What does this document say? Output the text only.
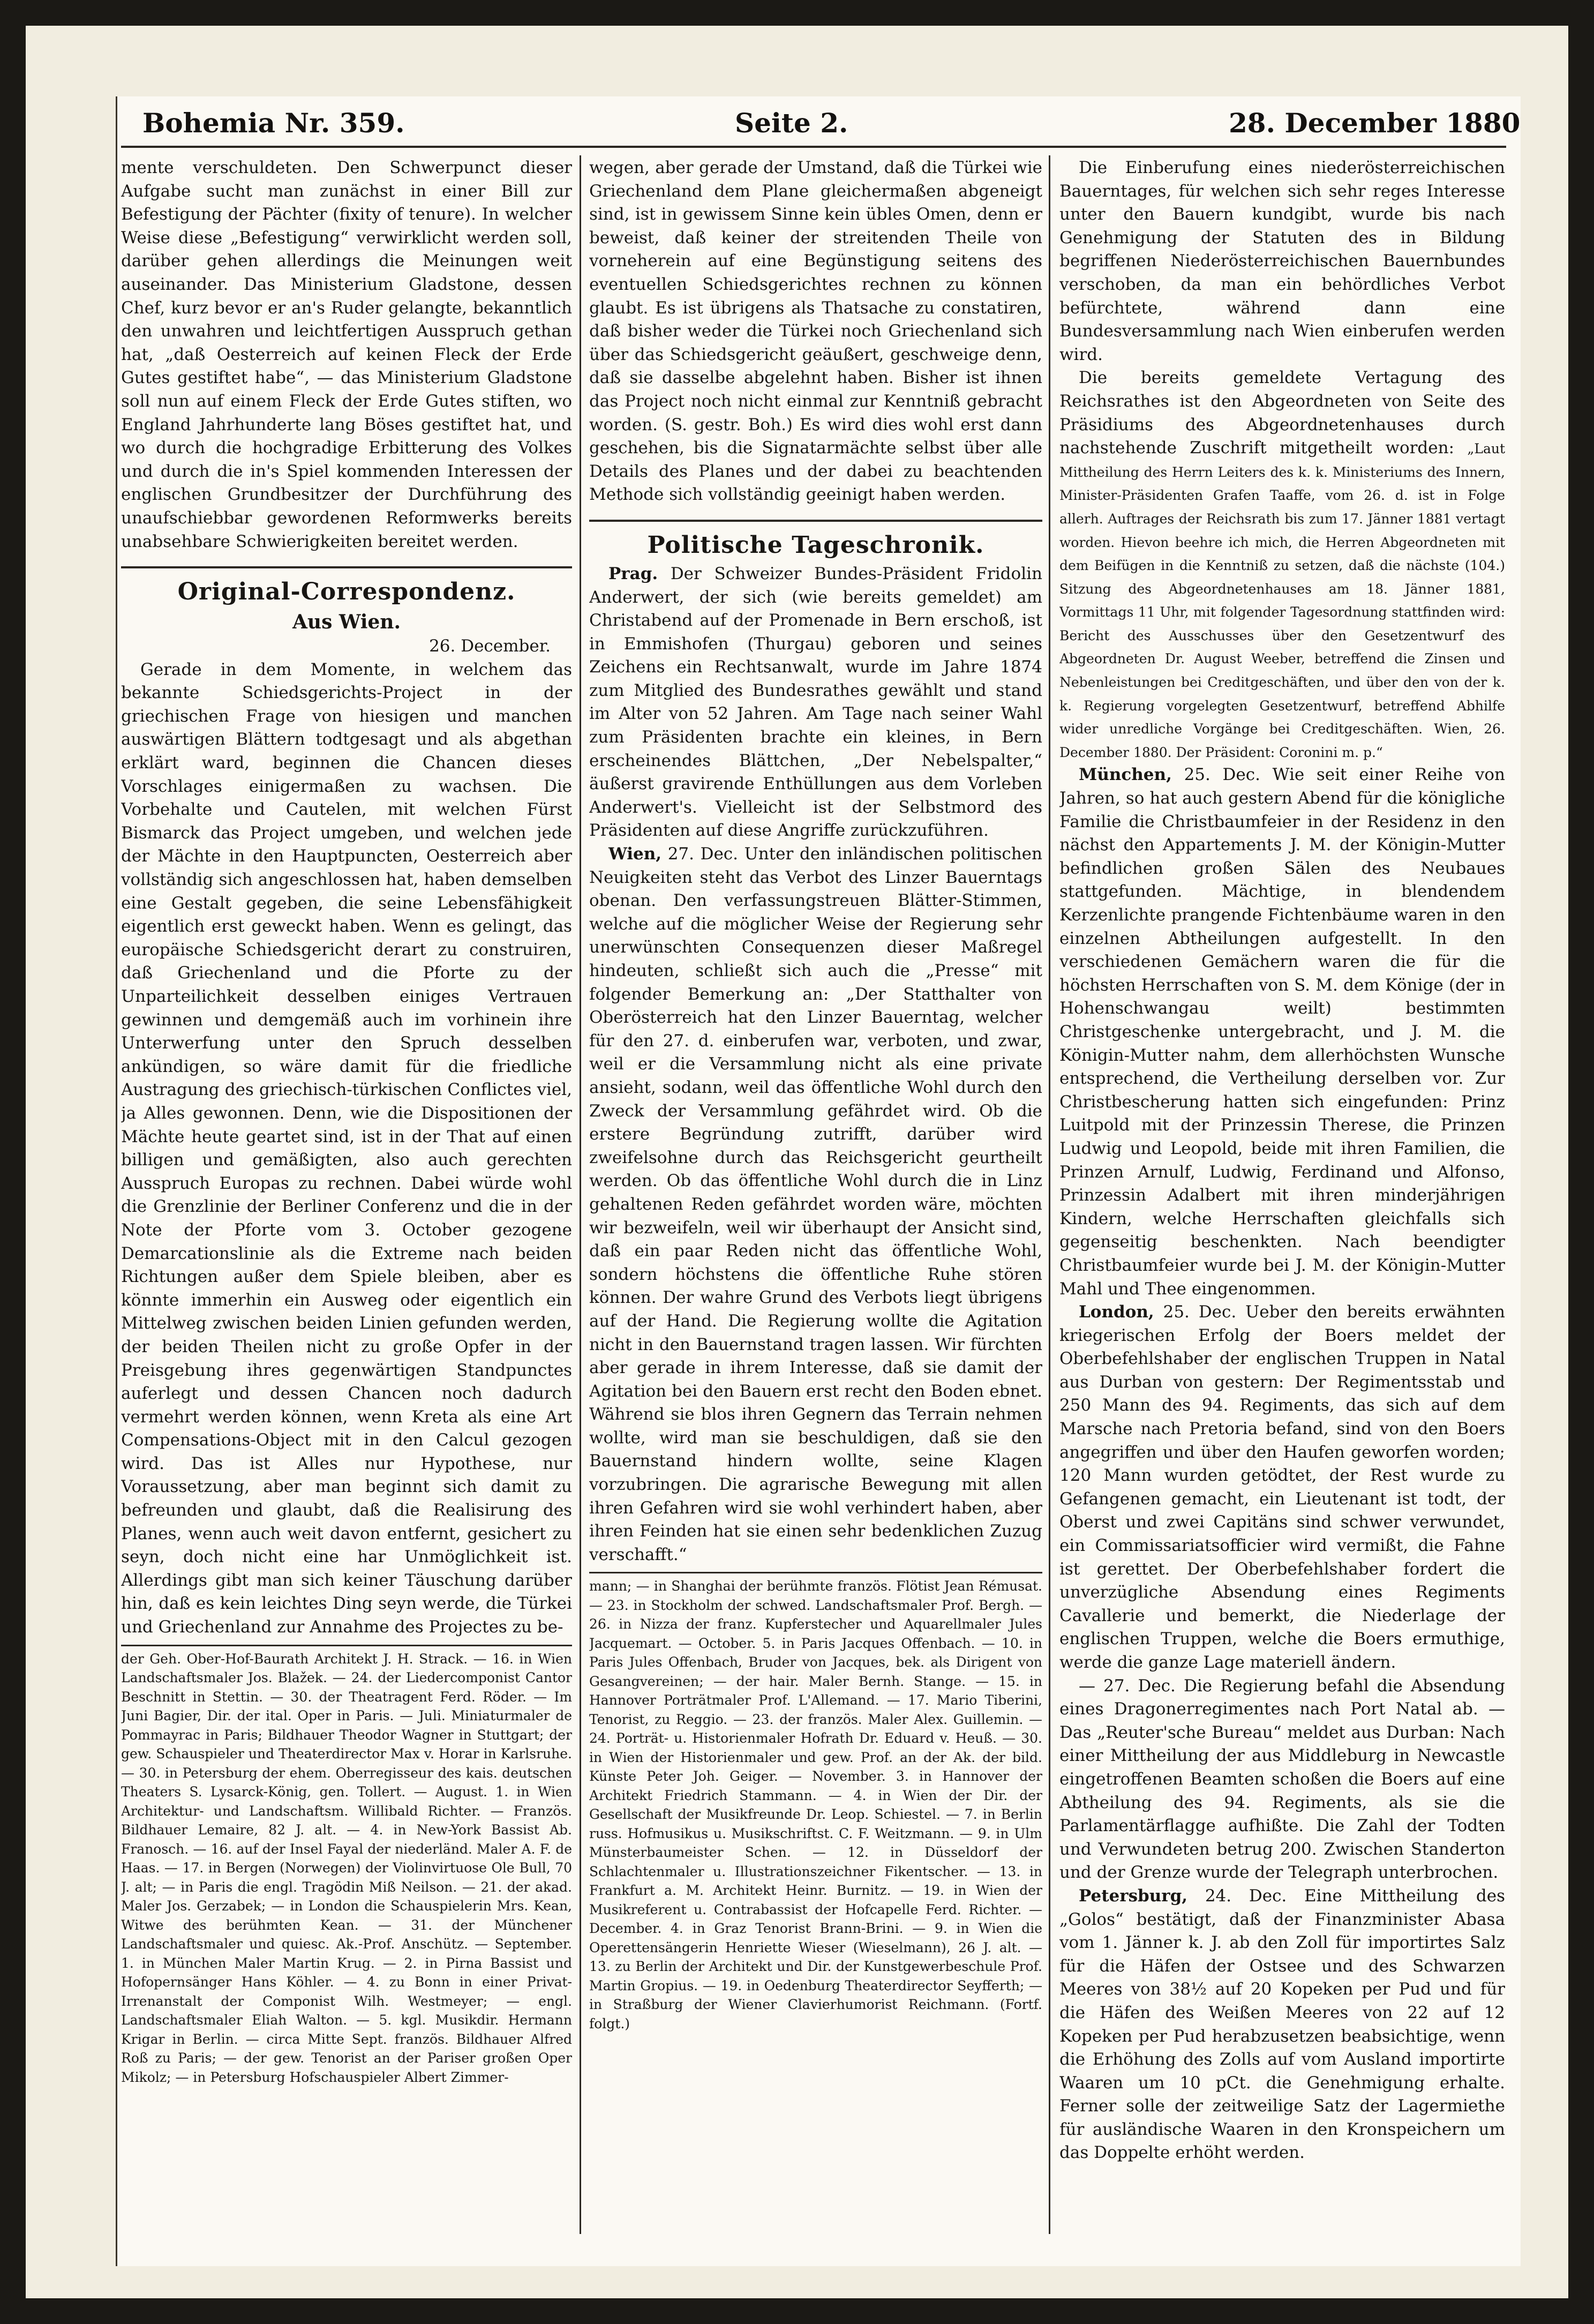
Bohemia Nr. 359.	Seite 2.	28. December 1880

mente verschuldeten. Den Schwerpunct dieser Aufgabe sucht man zunächst in einer Bill zur Befestigung der Pächter (fixity of tenure). In welcher Weise diese „Befestigung“ verwirklicht werden soll, darüber gehen allerdings die Meinungen weit auseinander. Das Ministerium Gladstone, dessen Chef, kurz bevor er an's Ruder gelangte, bekanntlich den unwahren und leichtfertigen Ausspruch gethan hat, „daß Oesterreich auf keinen Fleck der Erde Gutes gestiftet habe“, — das Ministerium Gladstone soll nun auf einem Fleck der Erde Gutes stiften, wo England Jahrhunderte lang Böses gestiftet hat, und wo durch die hochgradige Erbitterung des Volkes und durch die in's Spiel kommenden Interessen der englischen Grundbesitzer der Durchführung des unaufschiebbar gewordenen Reformwerks bereits unabsehbare Schwierigkeiten bereitet werden.

Original-Correspondenz.
Aus Wien.
26. December.

Gerade in dem Momente, in welchem das bekannte Schiedsgerichts-Project in der griechischen Frage von hiesigen und manchen auswärtigen Blättern todtgesagt und als abgethan erklärt ward, beginnen die Chancen dieses Vorschlages einigermaßen zu wachsen. Die Vorbehalte und Cautelen, mit welchen Fürst Bismarck das Project umgeben, und welchen jede der Mächte in den Hauptpuncten, Oesterreich aber vollständig sich angeschlossen hat, haben demselben eine Gestalt gegeben, die seine Lebensfähigkeit eigentlich erst geweckt haben. Wenn es gelingt, das europäische Schiedsgericht derart zu construiren, daß Griechenland und die Pforte zu der Unparteilichkeit desselben einiges Vertrauen gewinnen und demgemäß auch im vorhinein ihre Unterwerfung unter den Spruch desselben ankündigen, so wäre damit für die friedliche Austragung des griechisch-türkischen Conflictes viel, ja Alles gewonnen. Denn, wie die Dispositionen der Mächte heute geartet sind, ist in der That auf einen billigen und gemäßigten, also auch gerechten Ausspruch Europas zu rechnen. Dabei würde wohl die Grenzlinie der Berliner Conferenz und die in der Note der Pforte vom 3. October gezogene Demarcationslinie als die Extreme nach beiden Richtungen außer dem Spiele bleiben, aber es könnte immerhin ein Ausweg oder eigentlich ein Mittelweg zwischen beiden Linien gefunden werden, der beiden Theilen nicht zu große Opfer in der Preisgebung ihres gegenwärtigen Standpunctes auferlegt und dessen Chancen noch dadurch vermehrt werden können, wenn Kreta als eine Art Compensations-Object mit in den Calcul gezogen wird. Das ist Alles nur Hypothese, nur Voraussetzung, aber man beginnt sich damit zu befreunden und glaubt, daß die Realisirung des Planes, wenn auch weit davon entfernt, gesichert zu seyn, doch nicht eine har Unmöglichkeit ist. Allerdings gibt man sich keiner Täuschung darüber hin, daß es kein leichtes Ding seyn werde, die Türkei und Griechenland zur Annahme des Projectes zu be-

der Geh. Ober-Hof-Baurath Architekt J. H. Strack. — 16. in Wien Landschaftsmaler Jos. Blažek. — 24. der Liedercomponist Cantor Beschnitt in Stettin. — 30. der Theatragent Ferd. Röder. — Im Juni Bagier, Dir. der ital. Oper in Paris. — Juli. Miniaturmaler de Pommayrac in Paris; Bildhauer Theodor Wagner in Stuttgart; der gew. Schauspieler und Theaterdirector Max v. Horar in Karlsruhe. — 30. in Petersburg der ehem. Oberregisseur des kais. deutschen Theaters S. Lysarck-König, gen. Tollert. — August. 1. in Wien Architektur- und Landschaftsm. Willibald Richter. — Französ. Bildhauer Lemaire, 82 J. alt. — 4. in New-York Bassist Ab. Franosch. — 16. auf der Insel Fayal der niederländ. Maler A. F. de Haas. — 17. in Bergen (Norwegen) der Violinvirtuose Ole Bull, 70 J. alt; — in Paris die engl. Tragödin Miß Neilson. — 21. der akad. Maler Jos. Gerzabek; — in London die Schauspielerin Mrs. Kean, Witwe des berühmten Kean. — 31. der Münchener Landschaftsmaler und quiesc. Ak.-Prof. Anschütz. — September. 1. in München Maler Martin Krug. — 2. in Pirna Bassist und Hofopernsänger Hans Köhler. — 4. zu Bonn in einer Privat-Irrenanstalt der Componist Wilh. Westmeyer; — engl. Landschaftsmaler Eliah Walton. — 5. kgl. Musikdir. Hermann Krigar in Berlin. — circa Mitte Sept. französ. Bildhauer Alfred Roß zu Paris; — der gew. Tenorist an der Pariser großen Oper Mikolz; — in Petersburg Hofschauspieler Albert Zimmer-

wegen, aber gerade der Umstand, daß die Türkei wie Griechenland dem Plane gleichermaßen abgeneigt sind, ist in gewissem Sinne kein übles Omen, denn er beweist, daß keiner der streitenden Theile von vorneherein auf eine Begünstigung seitens des eventuellen Schiedsgerichtes rechnen zu können glaubt. Es ist übrigens als Thatsache zu constatiren, daß bisher weder die Türkei noch Griechenland sich über das Schiedsgericht geäußert, geschweige denn, daß sie dasselbe abgelehnt haben. Bisher ist ihnen das Project noch nicht einmal zur Kenntniß gebracht worden. (S. gestr. Boh.) Es wird dies wohl erst dann geschehen, bis die Signatarmächte selbst über alle Details des Planes und der dabei zu beachtenden Methode sich vollständig geeinigt haben werden.

Politische Tageschronik.

Prag. Der Schweizer Bundes-Präsident Fridolin Anderwert, der sich (wie bereits gemeldet) am Christabend auf der Promenade in Bern erschoß, ist in Emmishofen (Thurgau) geboren und seines Zeichens ein Rechtsanwalt, wurde im Jahre 1874 zum Mitglied des Bundesrathes gewählt und stand im Alter von 52 Jahren. Am Tage nach seiner Wahl zum Präsidenten brachte ein kleines, in Bern erscheinendes Blättchen, „Der Nebelspalter,“ äußerst gravirende Enthüllungen aus dem Vorleben Anderwert's. Vielleicht ist der Selbstmord des Präsidenten auf diese Angriffe zurückzuführen.

Wien, 27. Dec. Unter den inländischen politischen Neuigkeiten steht das Verbot des Linzer Bauerntags obenan. Den verfassungstreuen Blätter-Stimmen, welche auf die möglicher Weise der Regierung sehr unerwünschten Consequenzen dieser Maßregel hindeuten, schließt sich auch die „Presse“ mit folgender Bemerkung an: „Der Statthalter von Oberösterreich hat den Linzer Bauerntag, welcher für den 27. d. einberufen war, verboten, und zwar, weil er die Versammlung nicht als eine private ansieht, sodann, weil das öffentliche Wohl durch den Zweck der Versammlung gefährdet wird. Ob die erstere Begründung zutrifft, darüber wird zweifelsohne durch das Reichsgericht geurtheilt werden. Ob das öffentliche Wohl durch die in Linz gehaltenen Reden gefährdet worden wäre, möchten wir bezweifeln, weil wir überhaupt der Ansicht sind, daß ein paar Reden nicht das öffentliche Wohl, sondern höchstens die öffentliche Ruhe stören können. Der wahre Grund des Verbots liegt übrigens auf der Hand. Die Regierung wollte die Agitation nicht in den Bauernstand tragen lassen. Wir fürchten aber gerade in ihrem Interesse, daß sie damit der Agitation bei den Bauern erst recht den Boden ebnet. Während sie blos ihren Gegnern das Terrain nehmen wollte, wird man sie beschuldigen, daß sie den Bauernstand hindern wollte, seine Klagen vorzubringen. Die agrarische Bewegung mit allen ihren Gefahren wird sie wohl verhindert haben, aber ihren Feinden hat sie einen sehr bedenklichen Zuzug verschafft.“

mann; — in Shanghai der berühmte französ. Flötist Jean Rémusat. — 23. in Stockholm der schwed. Landschaftsmaler Prof. Bergh. — 26. in Nizza der franz. Kupferstecher und Aquarellmaler Jules Jacquemart. — October. 5. in Paris Jacques Offenbach. — 10. in Paris Jules Offenbach, Bruder von Jacques, bek. als Dirigent von Gesangvereinen; — der hair. Maler Bernh. Stange. — 15. in Hannover Porträtmaler Prof. L'Allemand. — 17. Mario Tiberini, Tenorist, zu Reggio. — 23. der französ. Maler Alex. Guillemin. — 24. Porträt- u. Historienmaler Hofrath Dr. Eduard v. Heuß. — 30. in Wien der Historienmaler und gew. Prof. an der Ak. der bild. Künste Peter Joh. Geiger. — November. 3. in Hannover der Architekt Friedrich Stammann. — 4. in Wien der Dir. der Gesellschaft der Musikfreunde Dr. Leop. Schiestel. — 7. in Berlin russ. Hofmusikus u. Musikschriftst. C. F. Weitzmann. — 9. in Ulm Münsterbaumeister Schen. — 12. in Düsseldorf der Schlachtenmaler u. Illustrationszeichner Fikentscher. — 13. in Frankfurt a. M. Architekt Heinr. Burnitz. — 19. in Wien der Musikreferent u. Contrabassist der Hofcapelle Ferd. Richter. — December. 4. in Graz Tenorist Brann-Brini. — 9. in Wien die Operettensängerin Henriette Wieser (Wieselmann), 26 J. alt. — 13. zu Berlin der Architekt und Dir. der Kunstgewerbeschule Prof. Martin Gropius. — 19. in Oedenburg Theaterdirector Seyfferth; — in Straßburg der Wiener Clavierhumorist Reichmann. (Fortf. folgt.)

Die Einberufung eines niederösterreichischen Bauerntages, für welchen sich sehr reges Interesse unter den Bauern kundgibt, wurde bis nach Genehmigung der Statuten des in Bildung begriffenen Niederösterreichischen Bauernbundes verschoben, da man ein behördliches Verbot befürchtete, während dann eine Bundesversammlung nach Wien einberufen werden wird.

Die bereits gemeldete Vertagung des Reichsrathes ist den Abgeordneten von Seite des Präsidiums des Abgeordnetenhauses durch nachstehende Zuschrift mitgetheilt worden: „Laut Mittheilung des Herrn Leiters des k. k. Ministeriums des Innern, Minister-Präsidenten Grafen Taaffe, vom 26. d. ist in Folge allerh. Auftrages der Reichsrath bis zum 17. Jänner 1881 vertagt worden. Hievon beehre ich mich, die Herren Abgeordneten mit dem Beifügen in die Kenntniß zu setzen, daß die nächste (104.) Sitzung des Abgeordnetenhauses am 18. Jänner 1881, Vormittags 11 Uhr, mit folgender Tagesordnung stattfinden wird: Bericht des Ausschusses über den Gesetzentwurf des Abgeordneten Dr. August Weeber, betreffend die Zinsen und Nebenleistungen bei Creditgeschäften, und über den von der k. k. Regierung vorgelegten Gesetzentwurf, betreffend Abhilfe wider unredliche Vorgänge bei Creditgeschäften. Wien, 26. December 1880. Der Präsident: Coronini m. p.“

München, 25. Dec. Wie seit einer Reihe von Jahren, so hat auch gestern Abend für die königliche Familie die Christbaumfeier in der Residenz in den nächst den Appartements J. M. der Königin-Mutter befindlichen großen Sälen des Neubaues stattgefunden. Mächtige, in blendendem Kerzenlichte prangende Fichtenbäume waren in den einzelnen Abtheilungen aufgestellt. In den verschiedenen Gemächern waren die für die höchsten Herrschaften von S. M. dem Könige (der in Hohenschwangau weilt) bestimmten Christgeschenke untergebracht, und J. M. die Königin-Mutter nahm, dem allerhöchsten Wunsche entsprechend, die Vertheilung derselben vor. Zur Christbescherung hatten sich eingefunden: Prinz Luitpold mit der Prinzessin Therese, die Prinzen Ludwig und Leopold, beide mit ihren Familien, die Prinzen Arnulf, Ludwig, Ferdinand und Alfonso, Prinzessin Adalbert mit ihren minderjährigen Kindern, welche Herrschaften gleichfalls sich gegenseitig beschenkten. Nach beendigter Christbaumfeier wurde bei J. M. der Königin-Mutter Mahl und Thee eingenommen.

London, 25. Dec. Ueber den bereits erwähnten kriegerischen Erfolg der Boers meldet der Oberbefehlshaber der englischen Truppen in Natal aus Durban von gestern: Der Regimentsstab und 250 Mann des 94. Regiments, das sich auf dem Marsche nach Pretoria befand, sind von den Boers angegriffen und über den Haufen geworfen worden; 120 Mann wurden getödtet, der Rest wurde zu Gefangenen gemacht, ein Lieutenant ist todt, der Oberst und zwei Capitäns sind schwer verwundet, ein Commissariatsofficier wird vermißt, die Fahne ist gerettet. Der Oberbefehlshaber fordert die unverzügliche Absendung eines Regiments Cavallerie und bemerkt, die Niederlage der englischen Truppen, welche die Boers ermuthige, werde die ganze Lage materiell ändern.

— 27. Dec. Die Regierung befahl die Absendung eines Dragonerregimentes nach Port Natal ab. — Das „Reuter'sche Bureau“ meldet aus Durban: Nach einer Mittheilung der aus Middleburg in Newcastle eingetroffenen Beamten schoßen die Boers auf eine Abtheilung des 94. Regiments, als sie die Parlamentärflagge aufhißte. Die Zahl der Todten und Verwundeten betrug 200. Zwischen Standerton und der Grenze wurde der Telegraph unterbrochen.

Petersburg, 24. Dec. Eine Mittheilung des „Golos“ bestätigt, daß der Finanzminister Abasa vom 1. Jänner k. J. ab den Zoll für importirtes Salz für die Häfen der Ostsee und des Schwarzen Meeres von 38½ auf 20 Kopeken per Pud und für die Häfen des Weißen Meeres von 22 auf 12 Kopeken per Pud herabzusetzen beabsichtige, wenn die Erhöhung des Zolls auf vom Ausland importirte Waaren um 10 pCt. die Genehmigung erhalte. Ferner solle der zeitweilige Satz der Lagermiethe für ausländische Waaren in den Kronspeichern um das Doppelte erhöht werden.
